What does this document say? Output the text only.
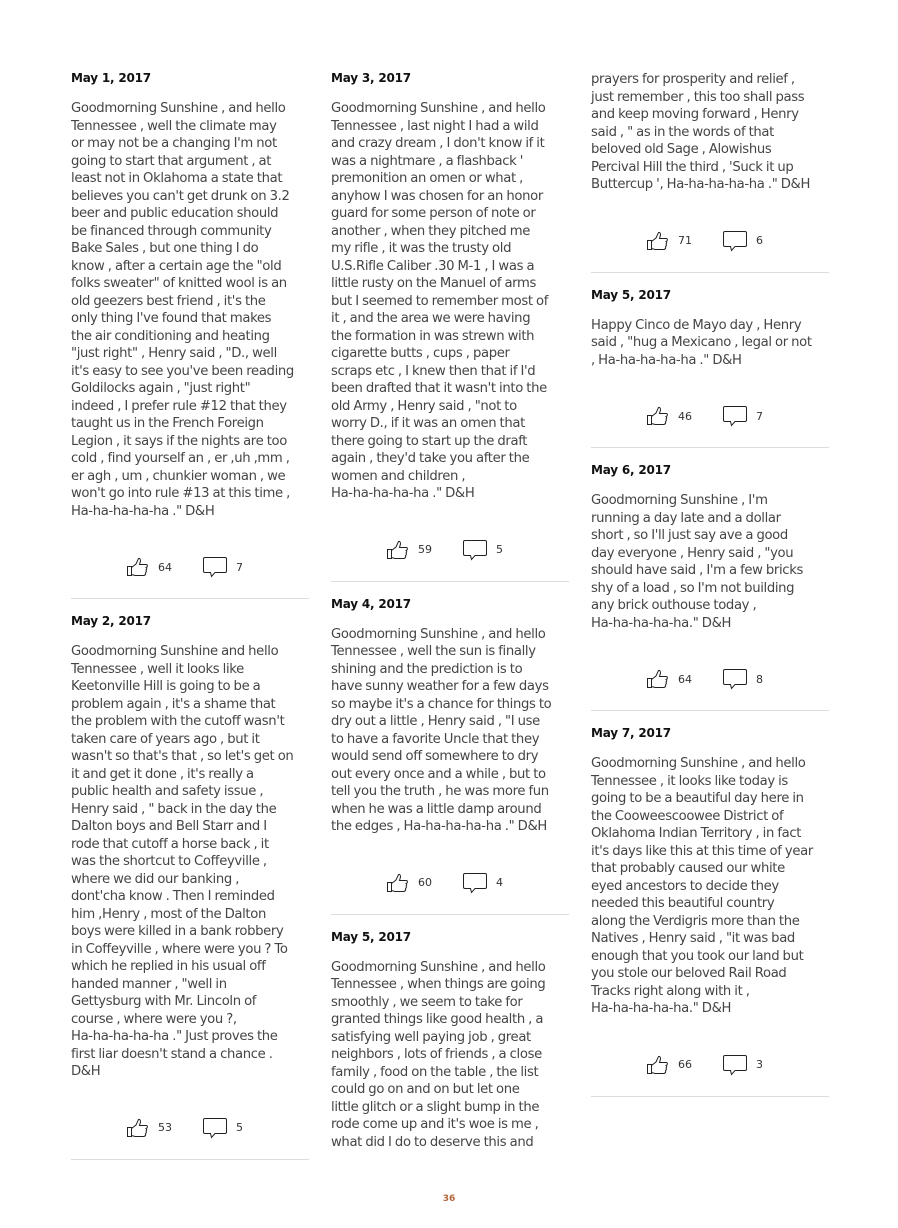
May 1, 2017
Goodmorning Sunshine , and hello
Tennessee , well the climate may
or may not be a changing I'm not
going to start that argument , at
least not in Oklahoma a state that
believes you can't get drunk on 3.2
beer and public education should
be financed through community
Bake Sales , but one thing I do
know , after a certain age the "old
folks sweater" of knitted wool is an
old geezers best friend , it's the
only thing I've found that makes
the air conditioning and heating
"just right" , Henry said , "D., well
it's easy to see you've been reading
Goldilocks again , "just right"
indeed , I prefer rule #12 that they
taught us in the French Foreign
Legion , it says if the nights are too
cold , find yourself an , er ,uh ,mm ,
er agh , um , chunkier woman , we
won't go into rule #13 at this time ,
Ha-ha-ha-ha-ha ." D&H
64	7
May 2, 2017
Goodmorning Sunshine and hello
Tennessee , well it looks like
Keetonville Hill is going to be a
problem again , it's a shame that
the problem with the cutoff wasn't
taken care of years ago , but it
wasn't so that's that , so let's get on
it and get it done , it's really a
public health and safety issue ,
Henry said , " back in the day the
Dalton boys and Bell Starr and I
rode that cutoff a horse back , it
was the shortcut to Coffeyville ,
where we did our banking ,
dont'cha know . Then I reminded
him ,Henry , most of the Dalton
boys were killed in a bank robbery
in Coffeyville , where were you ? To
which he replied in his usual off
handed manner , "well in
Gettysburg with Mr. Lincoln of
course , where were you ?,
Ha-ha-ha-ha-ha ." Just proves the
first liar doesn't stand a chance .
D&H
53	5
May 3, 2017
Goodmorning Sunshine , and hello
Tennessee , last night I had a wild
and crazy dream , I don't know if it
was a nightmare , a flashback '
premonition an omen or what ,
anyhow I was chosen for an honor
guard for some person of note or
another , when they pitched me
my rifle , it was the trusty old
U.S.Rifle Caliber .30 M-1 , I was a
little rusty on the Manuel of arms
but I seemed to remember most of
it , and the area we were having
the formation in was strewn with
cigarette butts , cups , paper
scraps etc , I knew then that if I'd
been drafted that it wasn't into the
old Army , Henry said , "not to
worry D., if it was an omen that
there going to start up the draft
again , they'd take you after the
women and children ,
Ha-ha-ha-ha-ha ." D&H
59	5
May 4, 2017
Goodmorning Sunshine , and hello
Tennessee , well the sun is finally
shining and the prediction is to
have sunny weather for a few days
so maybe it's a chance for things to
dry out a little , Henry said , "I use
to have a favorite Uncle that they
would send off somewhere to dry
out every once and a while , but to
tell you the truth , he was more fun
when he was a little damp around
the edges , Ha-ha-ha-ha-ha ." D&H
60	4
May 5, 2017
Goodmorning Sunshine , and hello
Tennessee , when things are going
smoothly , we seem to take for
granted things like good health , a
satisfying well paying job , great
neighbors , lots of friends , a close
family , food on the table , the list
could go on and on but let one
little glitch or a slight bump in the
rode come up and it's woe is me ,
what did I do to deserve this and
prayers for prosperity and relief ,
just remember , this too shall pass
and keep moving forward , Henry
said , " as in the words of that
beloved old Sage , Alowishus
Percival Hill the third , 'Suck it up
Buttercup ', Ha-ha-ha-ha-ha ." D&H
71	6
May 5, 2017
Happy Cinco de Mayo day , Henry
said , "hug a Mexicano , legal or not
, Ha-ha-ha-ha-ha ." D&H
46	7
May 6, 2017
Goodmorning Sunshine , I'm
running a day late and a dollar
short , so I'll just say ave a good
day everyone , Henry said , "you
should have said , I'm a few bricks
shy of a load , so I'm not building
any brick outhouse today ,
Ha-ha-ha-ha-ha." D&H
64	8
May 7, 2017
Goodmorning Sunshine , and hello
Tennessee , it looks like today is
going to be a beautiful day here in
the Cooweescoowee District of
Oklahoma Indian Territory , in fact
it's days like this at this time of year
that probably caused our white
eyed ancestors to decide they
needed this beautiful country
along the Verdigris more than the
Natives , Henry said , "it was bad
enough that you took our land but
you stole our beloved Rail Road
Tracks right along with it ,
Ha-ha-ha-ha-ha." D&H
66	3
36
